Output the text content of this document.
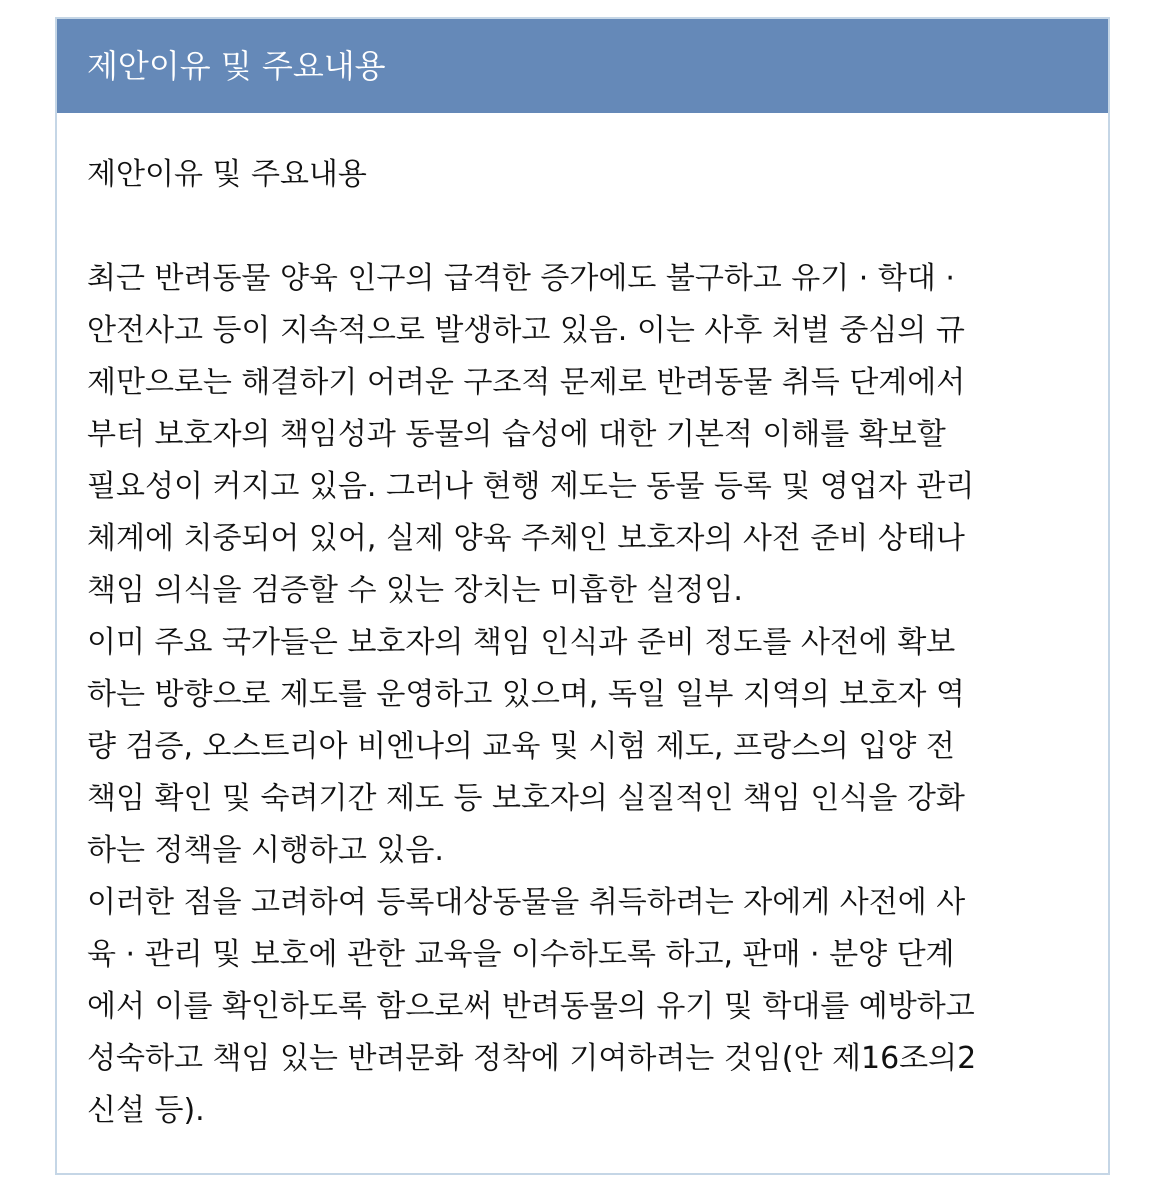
제안이유 및 주요내용
제안이유 및 주요내용
최근 반려동물 양육 인구의 급격한 증가에도 불구하고 유기 · 학대 ·
안전사고 등이 지속적으로 발생하고 있음. 이는 사후 처벌 중심의 규
제만으로는 해결하기 어려운 구조적 문제로 반려동물 취득 단계에서
부터 보호자의 책임성과 동물의 습성에 대한 기본적 이해를 확보할
필요성이 커지고 있음. 그러나 현행 제도는 동물 등록 및 영업자 관리
체계에 치중되어 있어, 실제 양육 주체인 보호자의 사전 준비 상태나
책임 의식을 검증할 수 있는 장치는 미흡한 실정임.
이미 주요 국가들은 보호자의 책임 인식과 준비 정도를 사전에 확보
하는 방향으로 제도를 운영하고 있으며, 독일 일부 지역의 보호자 역
량 검증, 오스트리아 비엔나의 교육 및 시험 제도, 프랑스의 입양 전
책임 확인 및 숙려기간 제도 등 보호자의 실질적인 책임 인식을 강화
하는 정책을 시행하고 있음.
이러한 점을 고려하여 등록대상동물을 취득하려는 자에게 사전에 사
육 · 관리 및 보호에 관한 교육을 이수하도록 하고, 판매 · 분양 단계
에서 이를 확인하도록 함으로써 반려동물의 유기 및 학대를 예방하고
성숙하고 책임 있는 반려문화 정착에 기여하려는 것임(안 제16조의2
신설 등).
